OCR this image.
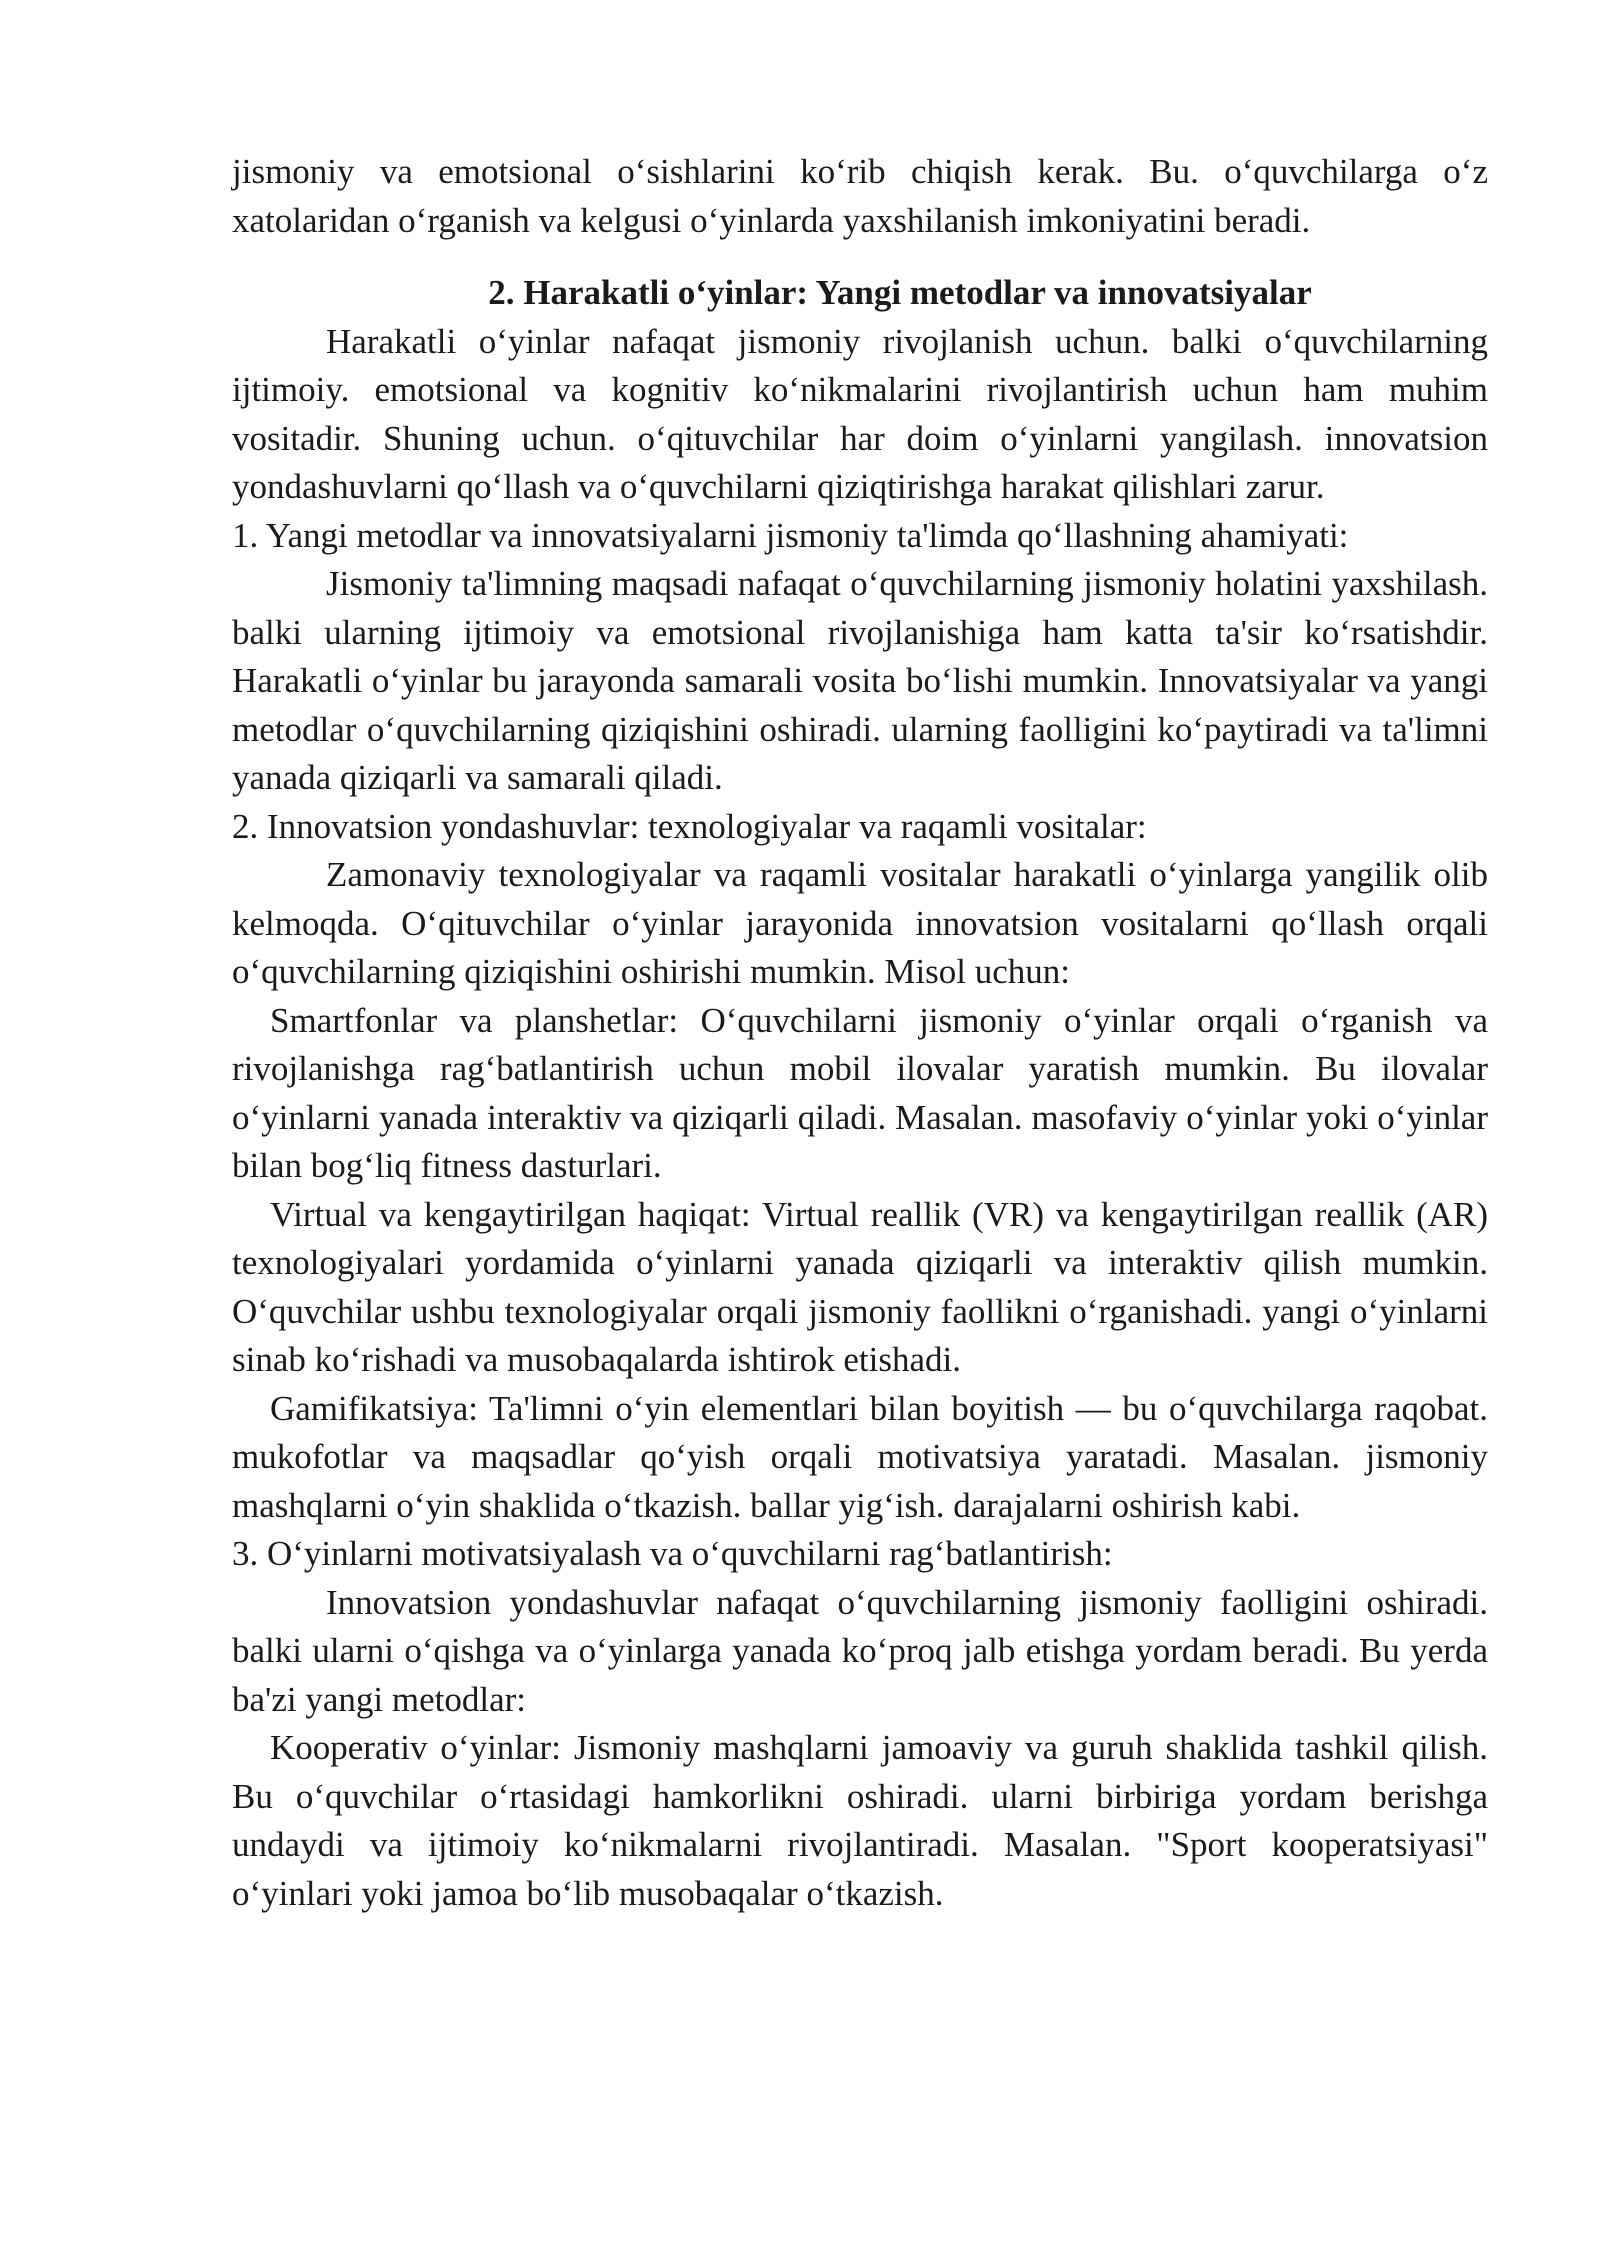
jismoniy va emotsional o‘sishlarini ko‘rib chiqish kerak. Bu. o‘quvchilarga o‘z xatolaridan o‘rganish va kelgusi o‘yinlarda yaxshilanish imkoniyatini beradi.

2. Harakatli o‘yinlar: Yangi metodlar va innovatsiyalar

Harakatli o‘yinlar nafaqat jismoniy rivojlanish uchun. balki o‘quvchilarning ijtimoiy. emotsional va kognitiv ko‘nikmalarini rivojlantirish uchun ham muhim vositadir. Shuning uchun. o‘qituvchilar har doim o‘yinlarni yangilash. innovatsion yondashuvlarni qo‘llash va o‘quvchilarni qiziqtirishga harakat qilishlari zarur.

1. Yangi metodlar va innovatsiyalarni jismoniy ta'limda qo‘llashning ahamiyati:

Jismoniy ta'limning maqsadi nafaqat o‘quvchilarning jismoniy holatini yaxshilash. balki ularning ijtimoiy va emotsional rivojlanishiga ham katta ta'sir ko‘rsatishdir. Harakatli o‘yinlar bu jarayonda samarali vosita bo‘lishi mumkin. Innovatsiyalar va yangi metodlar o‘quvchilarning qiziqishini oshiradi. ularning faolligini ko‘paytiradi va ta'limni yanada qiziqarli va samarali qiladi.

2. Innovatsion yondashuvlar: texnologiyalar va raqamli vositalar:

Zamonaviy texnologiyalar va raqamli vositalar harakatli o‘yinlarga yangilik olib kelmoqda. O‘qituvchilar o‘yinlar jarayonida innovatsion vositalarni qo‘llash orqali o‘quvchilarning qiziqishini oshirishi mumkin. Misol uchun:

Smartfonlar va planshetlar: O‘quvchilarni jismoniy o‘yinlar orqali o‘rganish va rivojlanishga rag‘batlantirish uchun mobil ilovalar yaratish mumkin. Bu ilovalar o‘yinlarni yanada interaktiv va qiziqarli qiladi. Masalan. masofaviy o‘yinlar yoki o‘yinlar bilan bog‘liq fitness dasturlari.

Virtual va kengaytirilgan haqiqat: Virtual reallik (VR) va kengaytirilgan reallik (AR) texnologiyalari yordamida o‘yinlarni yanada qiziqarli va interaktiv qilish mumkin. O‘quvchilar ushbu texnologiyalar orqali jismoniy faollikni o‘rganishadi. yangi o‘yinlarni sinab ko‘rishadi va musobaqalarda ishtirok etishadi.

Gamifikatsiya: Ta'limni o‘yin elementlari bilan boyitish — bu o‘quvchilarga raqobat. mukofotlar va maqsadlar qo‘yish orqali motivatsiya yaratadi. Masalan. jismoniy mashqlarni o‘yin shaklida o‘tkazish. ballar yig‘ish. darajalarni oshirish kabi.

3. O‘yinlarni motivatsiyalash va o‘quvchilarni rag‘batlantirish:

Innovatsion yondashuvlar nafaqat o‘quvchilarning jismoniy faolligini oshiradi. balki ularni o‘qishga va o‘yinlarga yanada ko‘proq jalb etishga yordam beradi. Bu yerda ba'zi yangi metodlar:

Kooperativ o‘yinlar: Jismoniy mashqlarni jamoaviy va guruh shaklida tashkil qilish. Bu o‘quvchilar o‘rtasidagi hamkorlikni oshiradi. ularni birbiriga yordam berishga undaydi va ijtimoiy ko‘nikmalarni rivojlantiradi. Masalan. "Sport kooperatsiyasi" o‘yinlari yoki jamoa bo‘lib musobaqalar o‘tkazish.
